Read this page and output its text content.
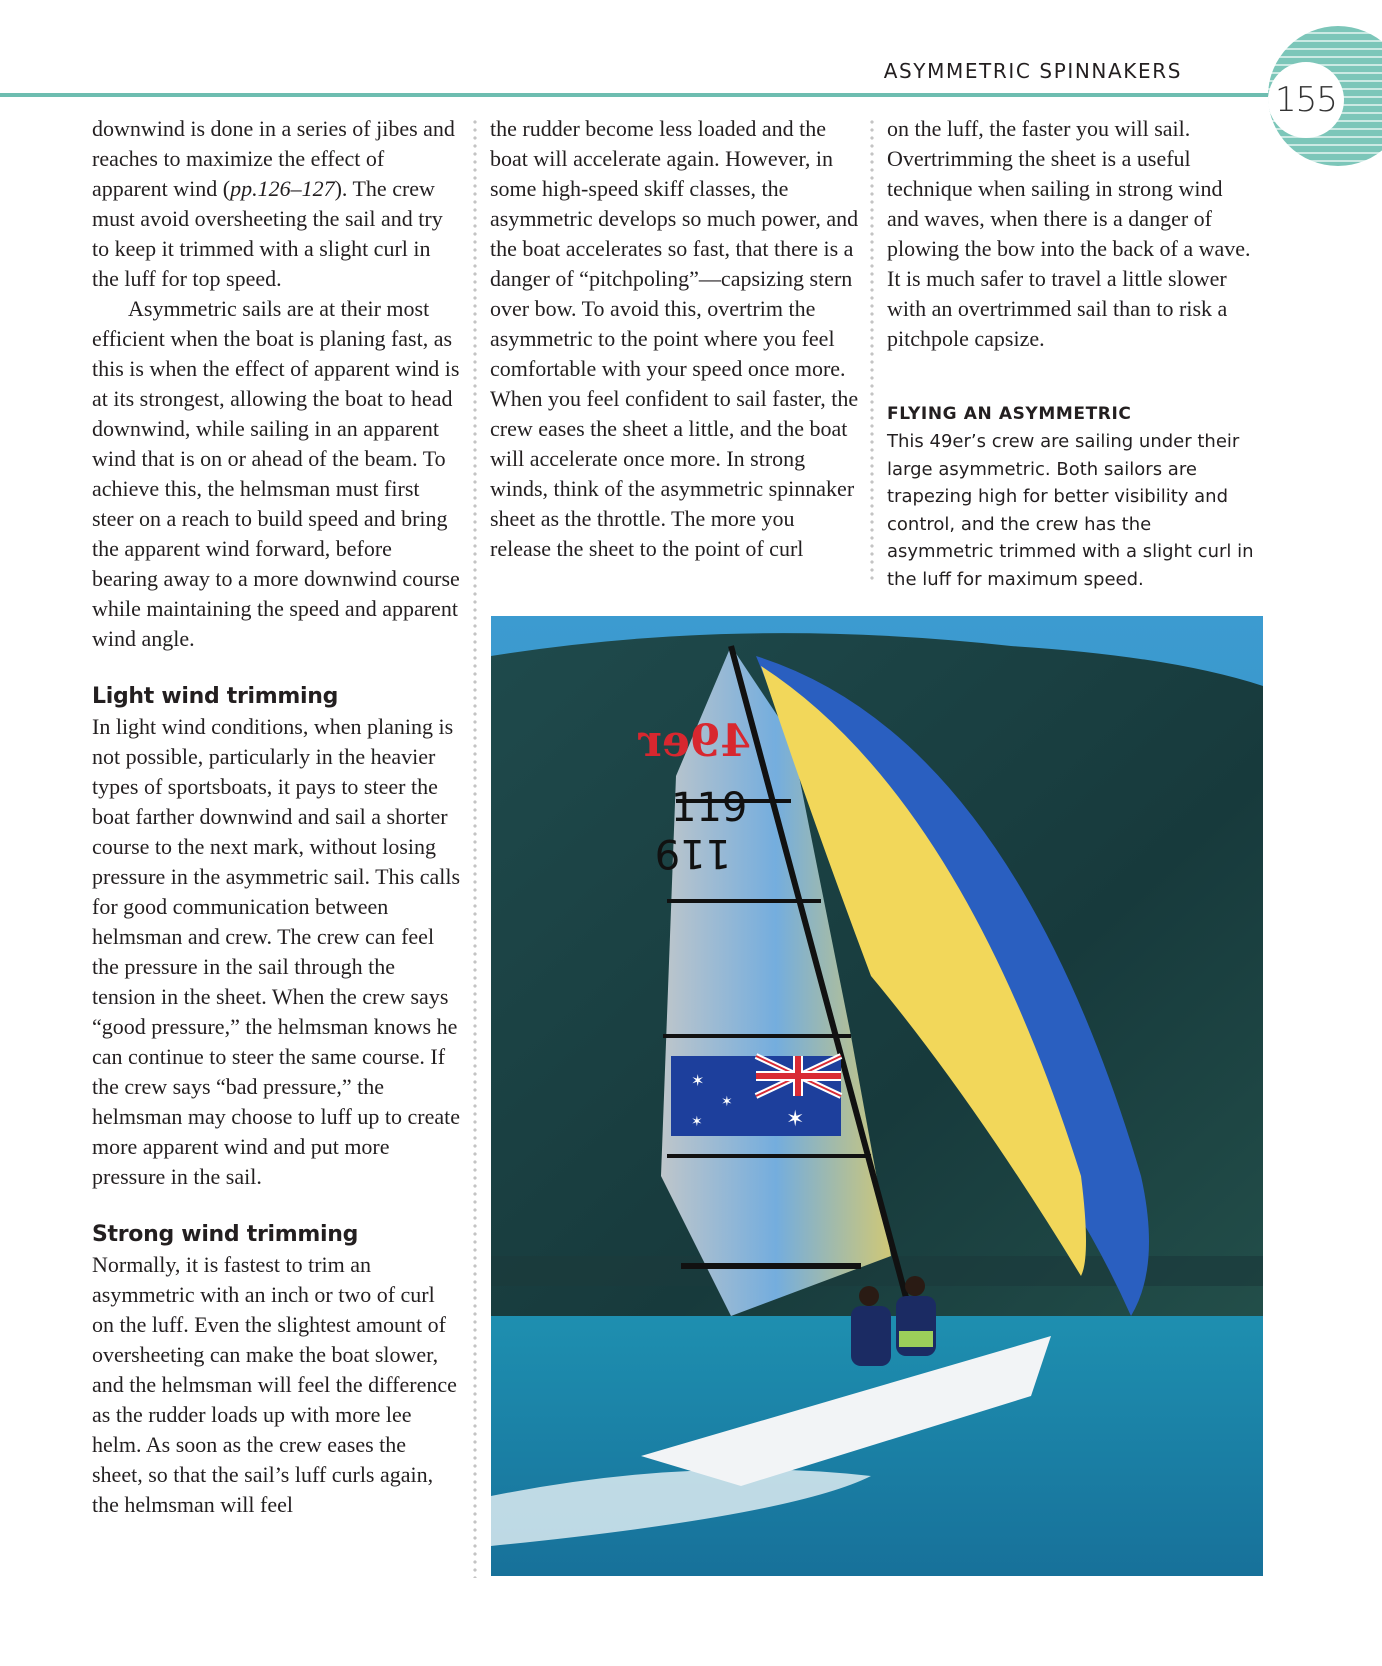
ASYMMETRIC SPINNAKERS
155

downwind is done in a series of jibes and reaches to maximize the effect of apparent wind (pp.126–127). The crew must avoid oversheeting the sail and try to keep it trimmed with a slight curl in the luff for top speed.

Asymmetric sails are at their most efficient when the boat is planing fast, as this is when the effect of apparent wind is at its strongest, allowing the boat to head downwind, while sailing in an apparent wind that is on or ahead of the beam. To achieve this, the helmsman must first steer on a reach to build speed and bring the apparent wind forward, before bearing away to a more downwind course while maintaining the speed and apparent wind angle.

Light wind trimming

In light wind conditions, when planing is not possible, particularly in the heavier types of sportsboats, it pays to steer the boat farther downwind and sail a shorter course to the next mark, without losing pressure in the asymmetric sail. This calls for good communication between helmsman and crew. The crew can feel the pressure in the sail through the tension in the sheet. When the crew says “good pressure,” the helmsman knows he can continue to steer the same course. If the crew says “bad pressure,” the helmsman may choose to luff up to create more apparent wind and put more pressure in the sail.

Strong wind trimming

Normally, it is fastest to trim an asymmetric with an inch or two of curl on the luff. Even the slightest amount of oversheeting can make the boat slower, and the helmsman will feel the difference as the rudder loads up with more lee helm. As soon as the crew eases the sheet, so that the sail’s luff curls again, the helmsman will feel

the rudder become less loaded and the boat will accelerate again. However, in some high-speed skiff classes, the asymmetric develops so much power, and the boat accelerates so fast, that there is a danger of “pitchpoling”—capsizing stern over bow. To avoid this, overtrim the asymmetric to the point where you feel comfortable with your speed once more. When you feel confident to sail faster, the crew eases the sheet a little, and the boat will accelerate once more. In strong winds, think of the asymmetric spinnaker sheet as the throttle. The more you release the sheet to the point of curl

on the luff, the faster you will sail. Overtrimming the sheet is a useful technique when sailing in strong wind and waves, when there is a danger of plowing the bow into the back of a wave. It is much safer to travel a little slower with an overtrimmed sail than to risk a pitchpole capsize.

FLYING AN ASYMMETRIC

This 49er’s crew are sailing under their large asymmetric. Both sailors are trapezing high for better visibility and control, and the crew has the asymmetric trimmed with a slight curl in the luff for maximum speed.

49er
119
119
✶
✶
✶	✶
